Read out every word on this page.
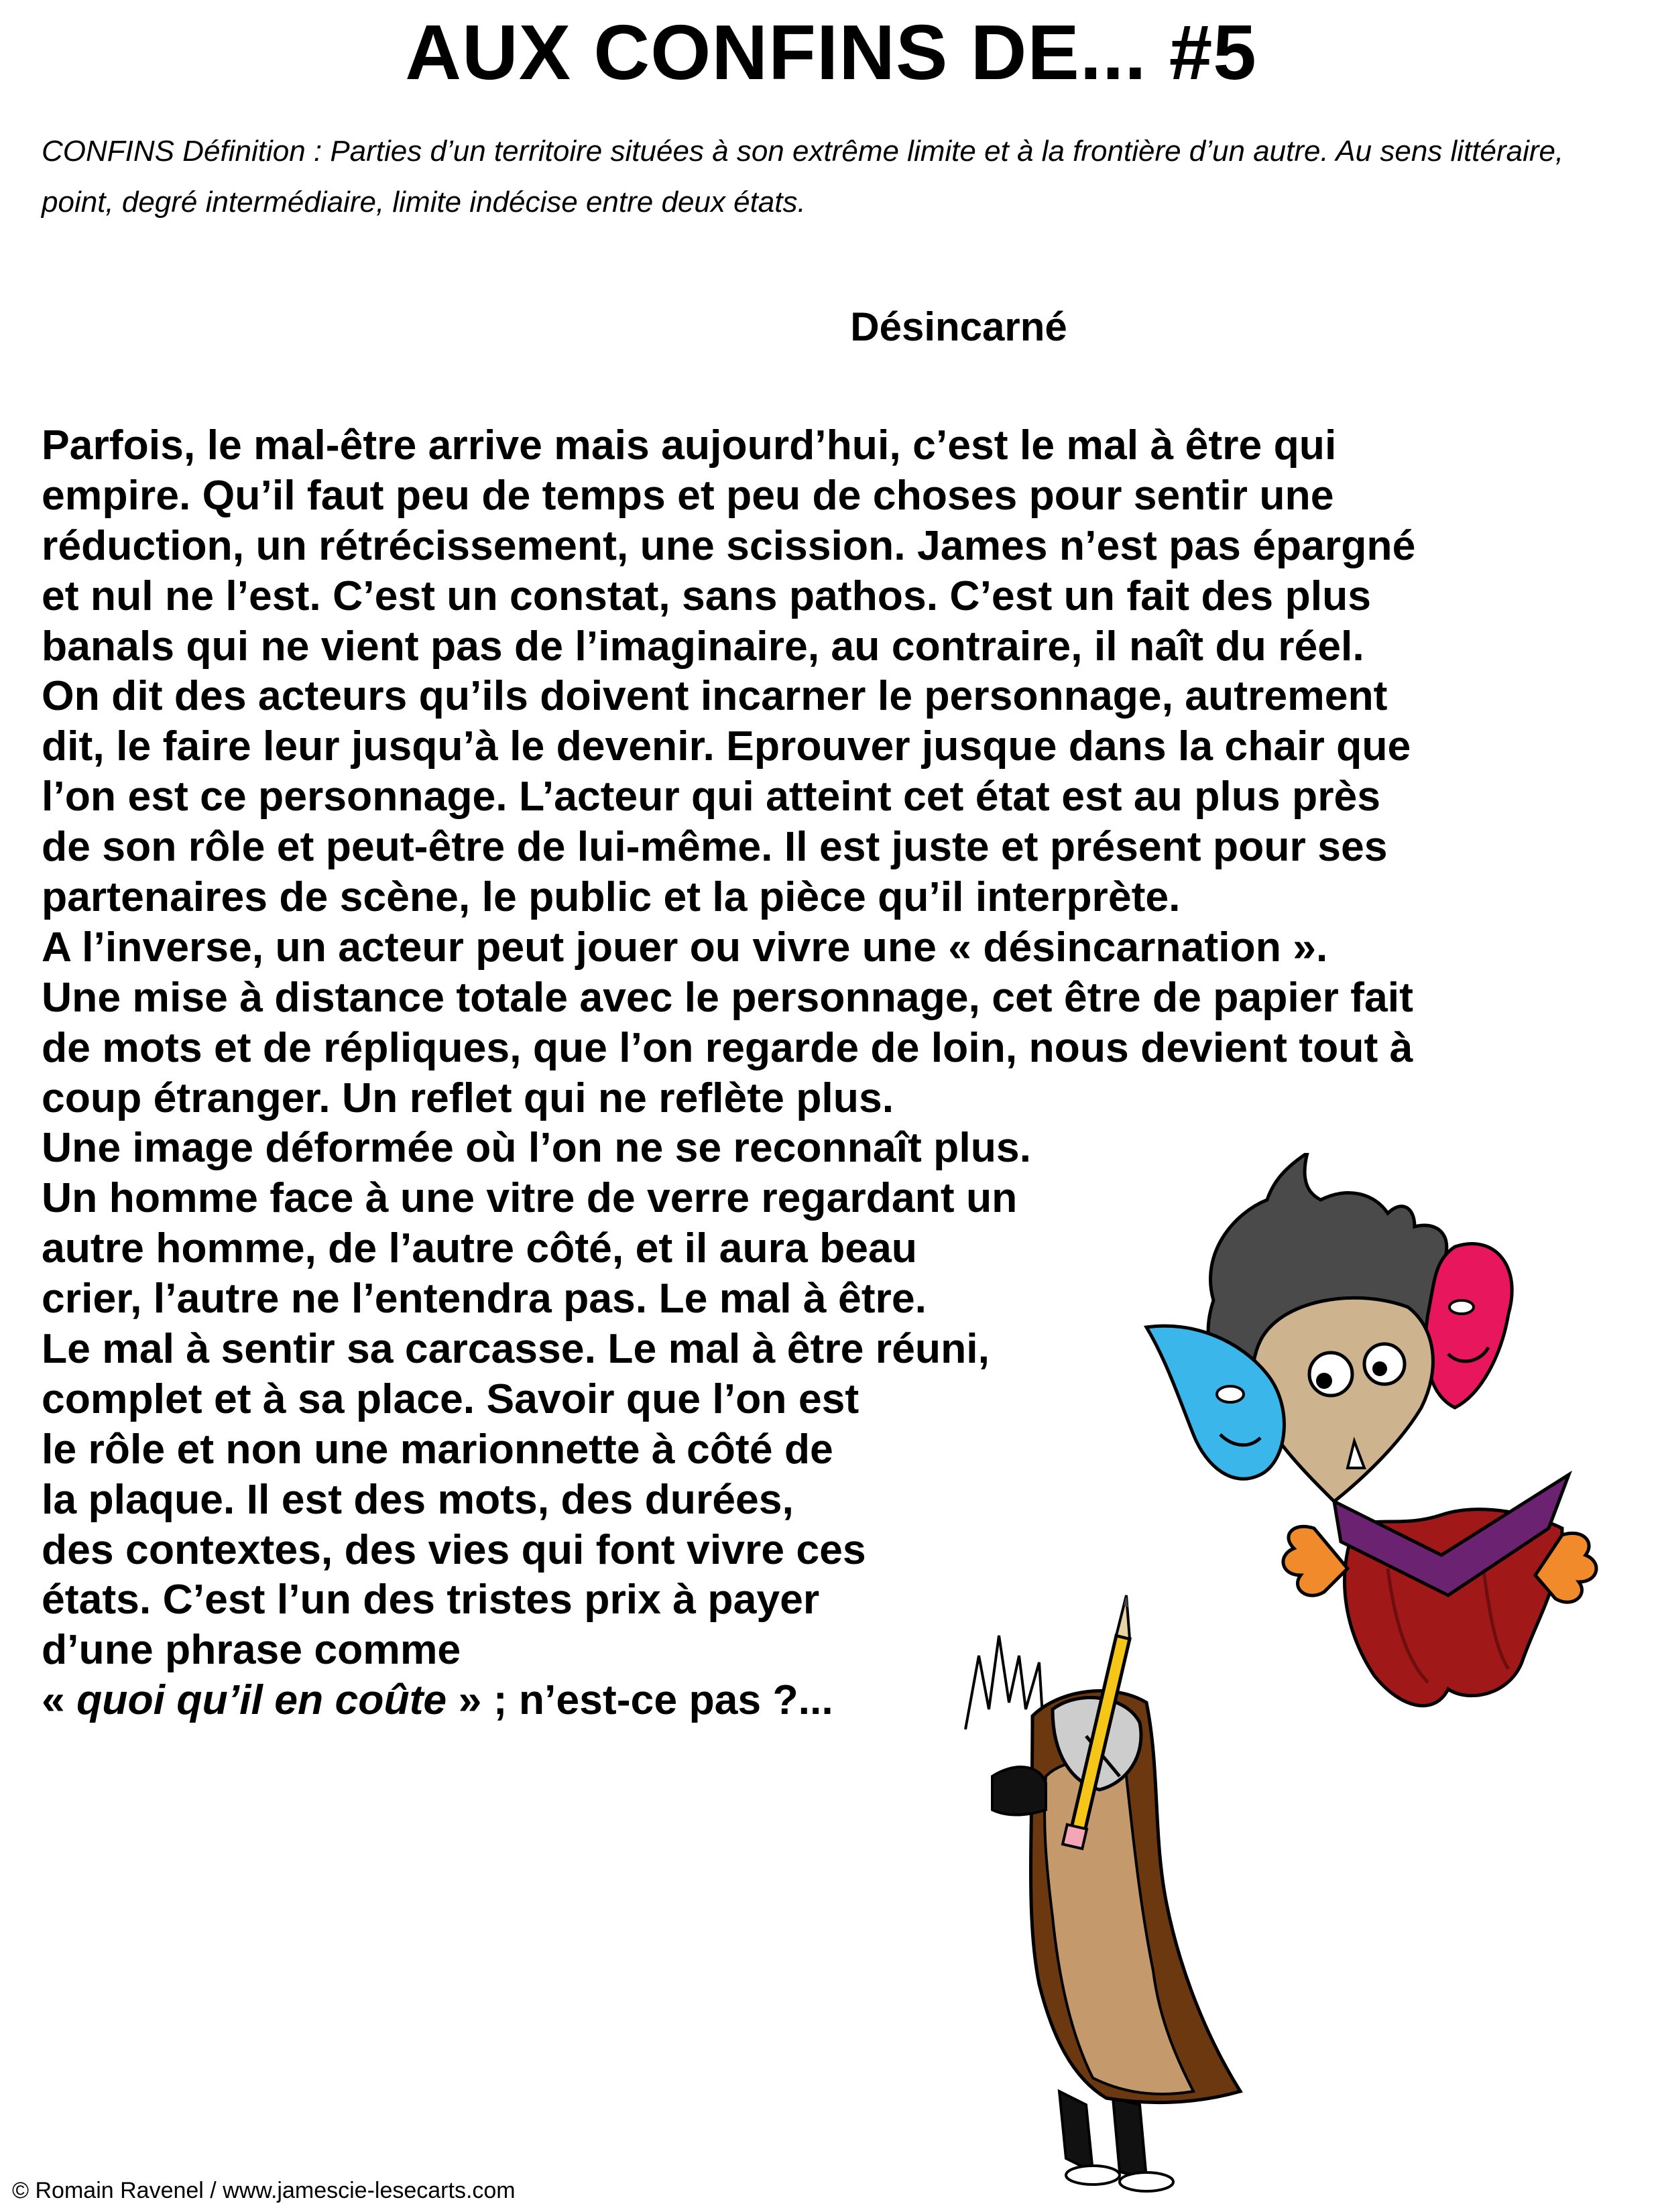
AUX CONFINS DE... #5
CONFINS Définition : Parties d’un territoire situées à son extrême limite et à la frontière d’un autre. Au sens littéraire, point, degré intermédiaire, limite indécise entre deux états.
Désincarné
Parfois, le mal-être arrive mais aujourd’hui, c’est le mal à être qui
empire. Qu’il faut peu de temps et peu de choses pour sentir une
réduction, un rétrécissement, une scission. James n’est pas épargné
et nul ne l’est. C’est un constat, sans pathos. C’est un fait des plus
banals qui ne vient pas de l’imaginaire, au contraire, il naît du réel.
On dit des acteurs qu’ils doivent incarner le personnage, autrement
dit, le faire leur jusqu’à le devenir. Eprouver jusque dans la chair que
l’on est ce personnage. L’acteur qui atteint cet état est au plus près
de son rôle et peut-être de lui-même. Il est juste et présent pour ses
partenaires de scène, le public et la pièce qu’il interprète.
A l’inverse, un acteur peut jouer ou vivre une « désincarnation ».
Une mise à distance totale avec le personnage, cet être de papier fait
de mots et de répliques, que l’on regarde de loin, nous devient tout à
coup étranger. Un reflet qui ne reflète plus.
Une image déformée où l’on ne se reconnaît plus.
Un homme face à une vitre de verre regardant un
autre homme, de l’autre côté, et il aura beau
crier, l’autre ne l’entendra pas. Le mal à être.
Le mal à sentir sa carcasse. Le mal à être réuni,
complet et à sa place. Savoir que l’on est
le rôle et non une marionnette à côté de
la plaque. Il est des mots, des durées,
des contextes, des vies qui font vivre ces
états. C’est l’un des tristes prix à payer
d’une phrase comme
« quoi qu’il en coûte » ; n’est-ce pas ?...
© Romain Ravenel / www.jamescie-lesecarts.com
